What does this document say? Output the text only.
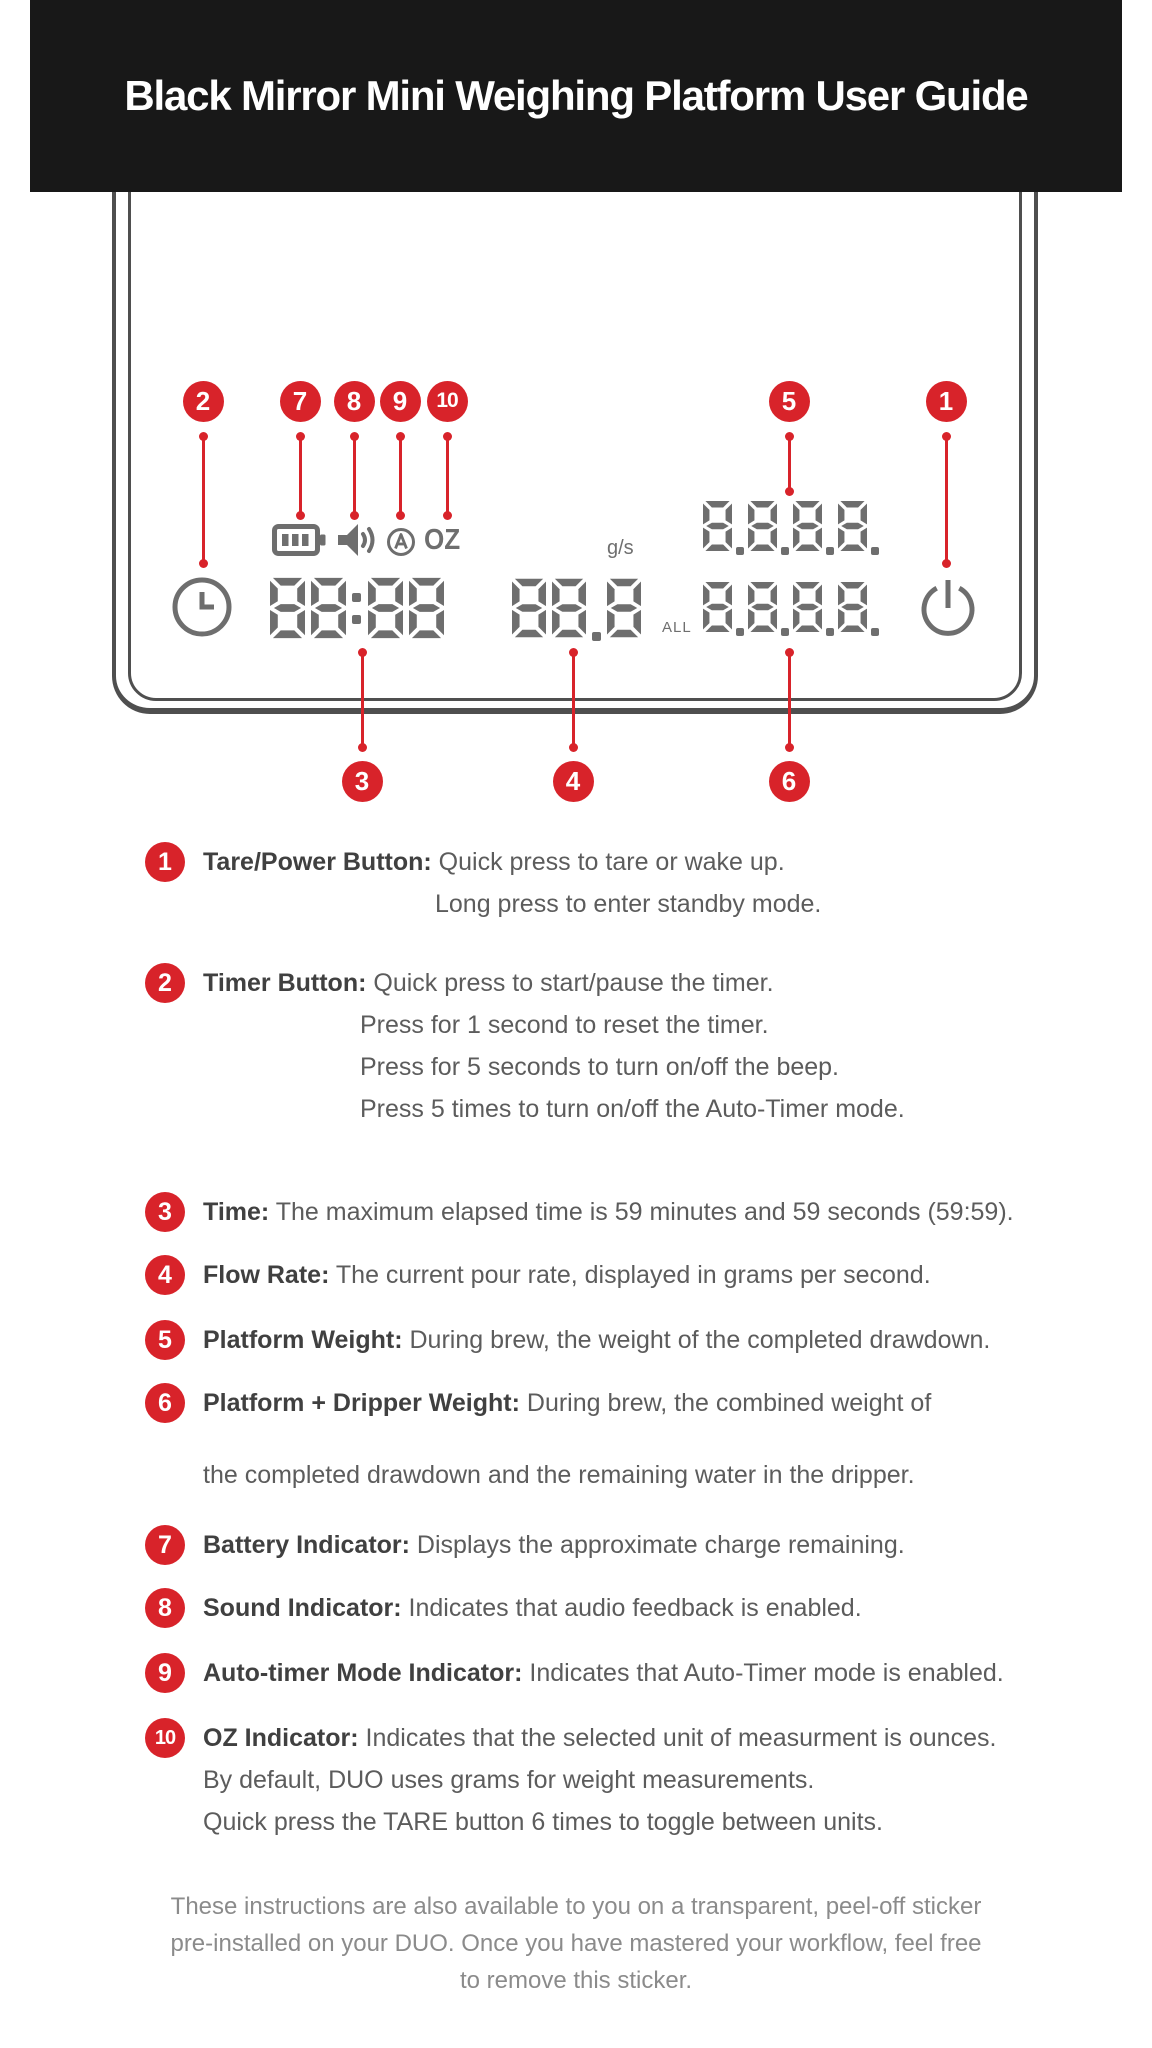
Black Mirror Mini Weighing Platform User Guide
g/s
ALL
OZ
2	7	8	9	10	5	1
3	4	6
1	Tare/Power Button: Quick press to tare or wake up.
Long press to enter standby mode.
2	Timer Button: Quick press to start/pause the timer.
Press for 1 second to reset the timer.
Press for 5 seconds to turn on/off the beep.
Press 5 times to turn on/off the Auto-Timer mode.
3	Time: The maximum elapsed time is 59 minutes and 59 seconds (59:59).
4	Flow Rate: The current pour rate, displayed in grams per second.
5	Platform Weight: During brew, the weight of the completed drawdown.
6	Platform + Dripper Weight: During brew, the combined weight of
the completed drawdown and the remaining water in the dripper.
7	Battery Indicator: Displays the approximate charge remaining.
8	Sound Indicator: Indicates that audio feedback is enabled.
9	Auto-timer Mode Indicator: Indicates that Auto-Timer mode is enabled.
10	OZ Indicator: Indicates that the selected unit of measurment is ounces.
By default, DUO uses grams for weight measurements.
Quick press the TARE button 6 times to toggle between units.
These instructions are also available to you on a transparent, peel-off sticker
pre-installed on your DUO. Once you have mastered your workflow, feel free
to remove this sticker.
